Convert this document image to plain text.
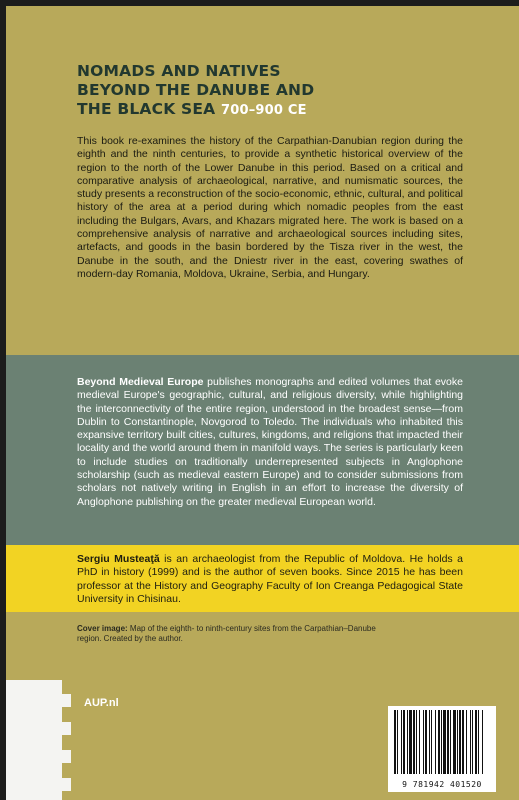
NOMADS AND NATIVES
BEYOND THE DANUBE AND
THE BLACK SEA 700–900 CE

This book re-examines the history of the Carpathian-Danubian region during the eighth and the ninth centuries, to provide a synthetic historical overview of the region to the north of the Lower Danube in this period. Based on a critical and comparative analysis of archaeological, narrative, and numismatic sources, the study presents a reconstruction of the socio-economic, ethnic, cultural, and political history of the area at a period during which nomadic peoples from the east including the Bulgars, Avars, and Khazars migrated here. The work is based on a comprehensive analysis of narrative and archaeological sources including sites, artefacts, and goods in the basin bordered by the Tisza river in the west, the Danube in the south, and the Dniestr river in the east, covering swathes of modern-day Romania, Moldova, Ukraine, Serbia, and Hungary.

Beyond Medieval Europe publishes monographs and edited volumes that evoke medieval Europe's geographic, cultural, and religious diversity, while highlighting the interconnectivity of the entire region, understood in the broadest sense—from Dublin to Constantinople, Novgorod to Toledo. The individuals who inhabited this expansive territory built cities, cultures, kingdoms, and religions that impacted their locality and the world around them in manifold ways. The series is particularly keen to include studies on traditionally underrepresented subjects in Anglophone scholarship (such as medieval eastern Europe) and to consider submissions from scholars not natively writing in English in an effort to increase the diversity of Anglophone publishing on the greater medieval European world.

Sergiu Musteaţă is an archaeologist from the Republic of Moldova. He holds a PhD in history (1999) and is the author of seven books. Since 2015 he has been professor at the History and Geography Faculty of Ion Creanga Pedagogical State University in Chisinau.

Cover image: Map of the eighth- to ninth-century sites from the Carpathian–Danube region. Created by the author.

AUP.nl

9 781942 401520
